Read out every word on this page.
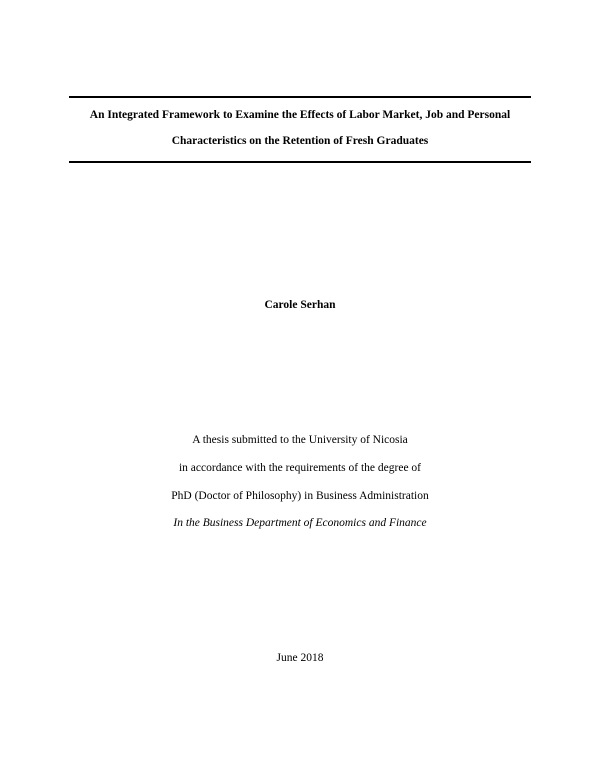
An Integrated Framework to Examine the Effects of Labor Market, Job and Personal
Characteristics on the Retention of Fresh Graduates
Carole Serhan
A thesis submitted to the University of Nicosia
in accordance with the requirements of the degree of
PhD (Doctor of Philosophy) in Business Administration
In the Business Department of Economics and Finance
June 2018
